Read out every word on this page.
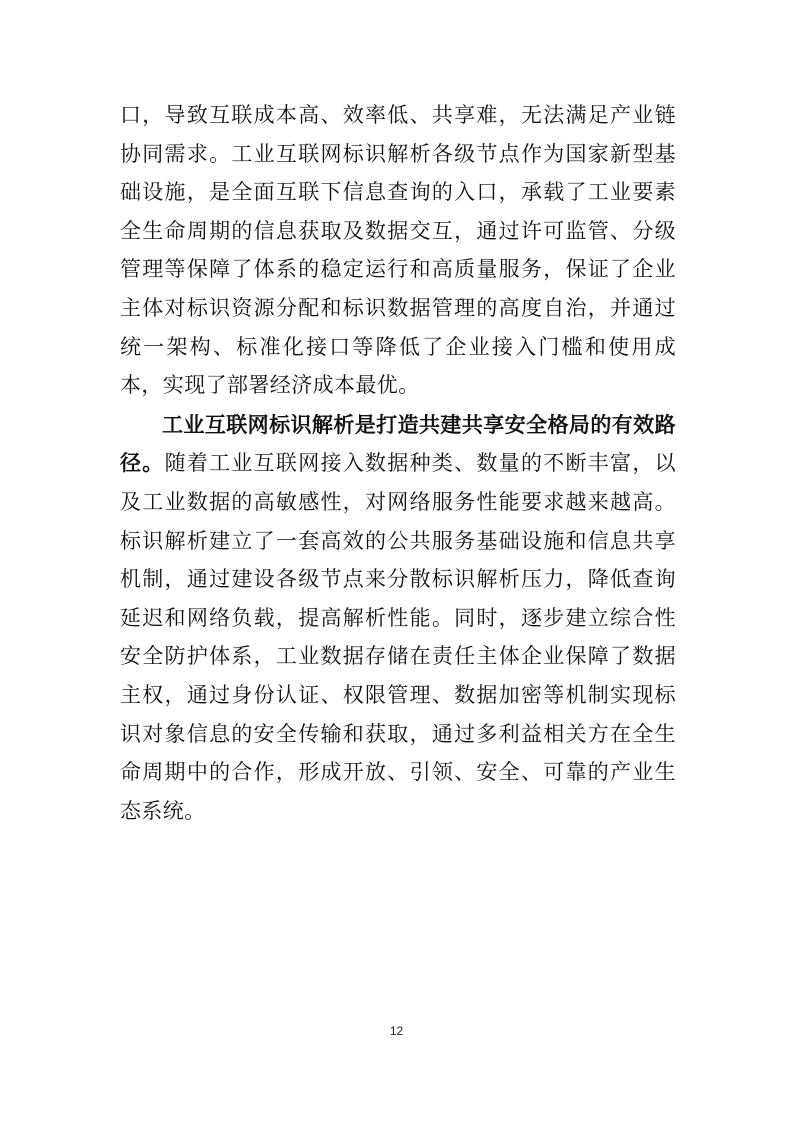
口，导致互联成本高、效率低、共享难，无法满足产业链协同需求。工业互联网标识解析各级节点作为国家新型基础设施，是全面互联下信息查询的入口，承载了工业要素全生命周期的信息获取及数据交互，通过许可监管、分级管理等保障了体系的稳定运行和高质量服务，保证了企业主体对标识资源分配和标识数据管理的高度自治，并通过统一架构、标准化接口等降低了企业接入门槛和使用成本，实现了部署经济成本最优。

工业互联网标识解析是打造共建共享安全格局的有效路径。随着工业互联网接入数据种类、数量的不断丰富，以及工业数据的高敏感性，对网络服务性能要求越来越高。标识解析建立了一套高效的公共服务基础设施和信息共享机制，通过建设各级节点来分散标识解析压力，降低查询延迟和网络负载，提高解析性能。同时，逐步建立综合性安全防护体系，工业数据存储在责任主体企业保障了数据主权，通过身份认证、权限管理、数据加密等机制实现标识对象信息的安全传输和获取，通过多利益相关方在全生命周期中的合作，形成开放、引领、安全、可靠的产业生态系统。

12
